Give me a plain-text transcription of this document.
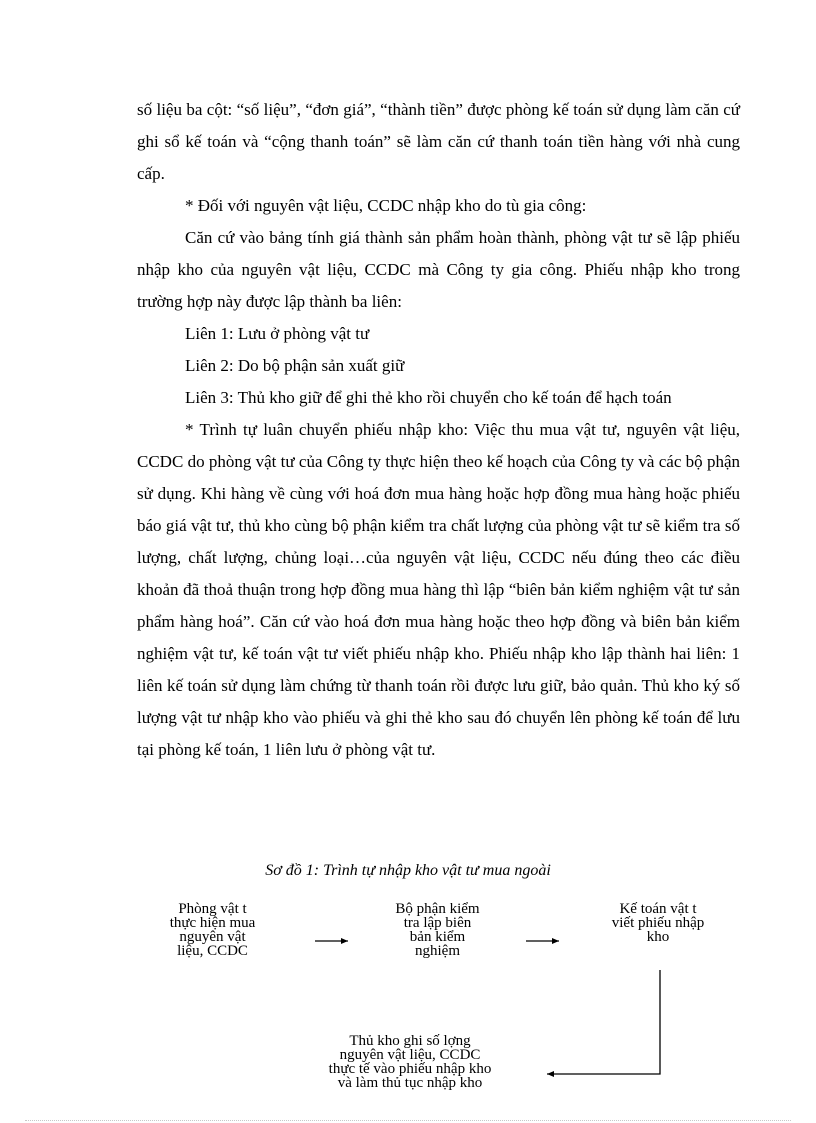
số liệu ba cột: “số liệu”, “đơn giá”, “thành tiền” được phòng kế toán sử dụng làm căn cứ ghi sổ kế toán và “cộng thanh toán” sẽ làm căn cứ thanh toán tiền hàng với nhà cung cấp.

* Đối với nguyên vật liệu, CCDC nhập kho do tù gia công:

Căn cứ vào bảng tính giá thành sản phẩm hoàn thành, phòng vật tư sẽ lập phiếu nhập kho của nguyên vật liệu, CCDC mà Công ty gia công. Phiếu nhập kho trong trường hợp này được lập thành ba liên:

Liên 1: Lưu ở phòng vật tư

Liên 2: Do bộ phận sản xuất giữ

Liên 3: Thủ kho giữ để ghi thẻ kho rồi chuyển cho kế toán để hạch toán

* Trình tự luân chuyển phiếu nhập kho: Việc thu mua vật tư, nguyên vật liệu, CCDC do phòng vật tư của Công ty thực hiện theo kế hoạch của Công ty và các bộ phận sử dụng. Khi hàng về cùng với hoá đơn mua hàng hoặc hợp đồng mua hàng hoặc phiếu báo giá vật tư, thủ kho cùng bộ phận kiểm tra chất lượng của phòng vật tư sẽ kiểm tra số lượng, chất lượng, chủng loại…của nguyên vật liệu, CCDC nếu đúng theo các điều khoản đã thoả thuận trong hợp đồng mua hàng thì lập “biên bản kiểm nghiệm vật tư sản phẩm hàng hoá”. Căn cứ vào hoá đơn mua hàng hoặc theo hợp đồng và biên bản kiểm nghiệm vật tư, kế toán vật tư viết phiếu nhập kho. Phiếu nhập kho lập thành hai liên: 1 liên kế toán sử dụng làm chứng từ thanh toán rồi được lưu giữ, bảo quản. Thủ kho ký số lượng vật tư nhập kho vào phiếu và ghi thẻ kho sau đó chuyển lên phòng kế toán để lưu tại phòng kế toán, 1 liên lưu ở phòng vật tư.

Sơ đồ 1: Trình tự nhập kho vật tư mua ngoài

Phòng vật t
thực hiện mua
nguyên vật
liệu, CCDC
Bộ phận kiểm
tra lập biên
bản kiểm
nghiệm
Kế toán vật t
viết phiếu nhập
kho
Thủ kho ghi số lợng
nguyên vật liệu, CCDC
thực tế vào phiếu nhập kho
và làm thủ tục nhập kho
